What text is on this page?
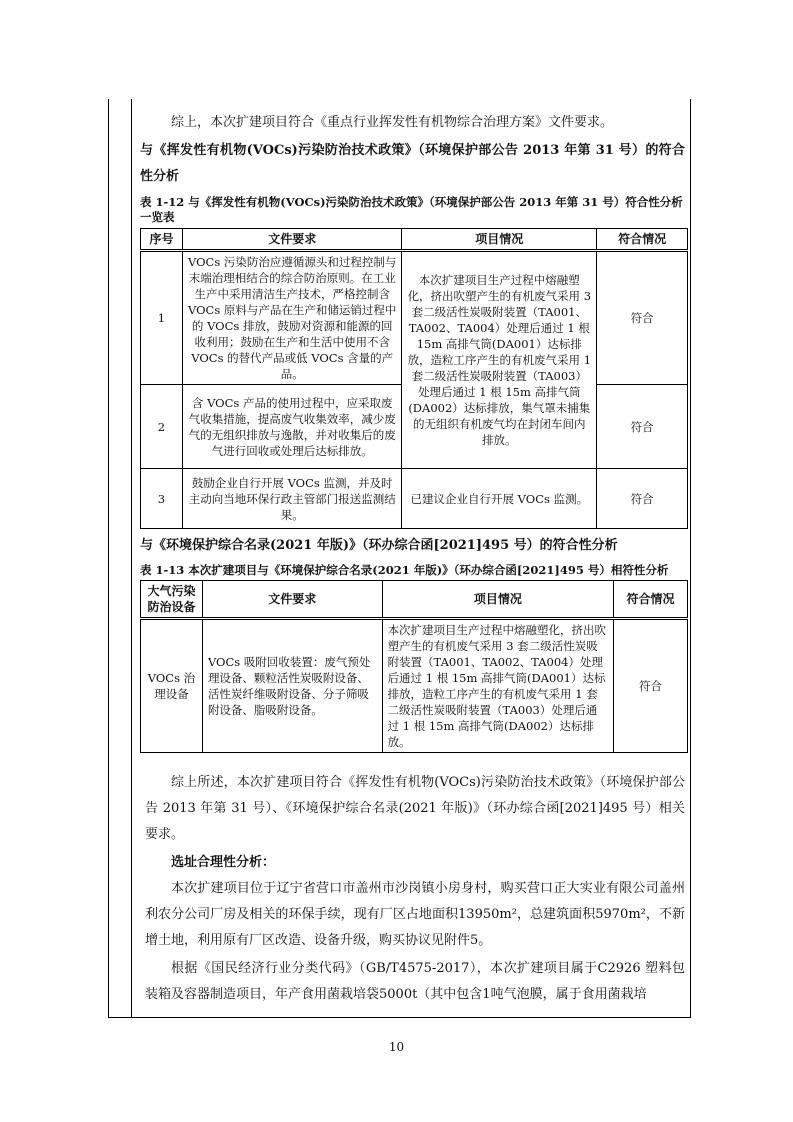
综上，本次扩建项目符合《重点行业挥发性有机物综合治理方案》文件要求。
与《挥发性有机物(VOCs)污染防治技术政策》（环境保护部公告 2013 年第 31 号）的符合性分析
表 1-12 与《挥发性有机物(VOCs)污染防治技术政策》（环境保护部公告 2013 年第 31 号）符合性分析一览表
序号	文件要求	项目情况	符合情况
1	VOCs 污染防治应遵循源头和过程控制与末端治理相结合的综合防治原则。在工业生产中采用清洁生产技术，严格控制含 VOCs 原料与产品在生产和储运销过程中的 VOCs 排放，鼓励对资源和能源的回收利用；鼓励在生产和生活中使用不含 VOCs 的替代产品或低 VOCs 含量的产品。	本次扩建项目生产过程中熔融塑化，挤出吹塑产生的有机废气采用 3 套二级活性炭吸附装置（TA001、TA002、TA004）处理后通过 1 根 15m 高排气筒(DA001）达标排放，造粒工序产生的有机废气采用 1 套二级活性炭吸附装置（TA003）处理后通过 1 根 15m 高排气筒(DA002）达标排放，集气罩未捕集的无组织有机废气均在封闭车间内排放。	符合
2	含 VOCs 产品的使用过程中，应采取废气收集措施，提高废气收集效率，减少废气的无组织排放与逸散，并对收集后的废气进行回收或处理后达标排放。		符合
3	鼓励企业自行开展 VOCs 监测，并及时主动向当地环保行政主管部门报送监测结果。	已建议企业自行开展 VOCs 监测。	符合
与《环境保护综合名录(2021 年版)》（环办综合函[2021]495 号）的符合性分析
表 1-13 本次扩建项目与《环境保护综合名录(2021 年版)》（环办综合函[2021]495 号）相符性分析
大气污染防治设备	文件要求	项目情况	符合情况
VOCs 治理设备	VOCs 吸附回收装置：废气预处理设备、颗粒活性炭吸附设备、活性炭纤维吸附设备、分子筛吸附设备、脂吸附设备。	本次扩建项目生产过程中熔融塑化，挤出吹塑产生的有机废气采用 3 套二级活性炭吸附装置（TA001、TA002、TA004）处理后通过 1 根 15m 高排气筒(DA001）达标排放，造粒工序产生的有机废气采用 1 套二级活性炭吸附装置（TA003）处理后通过 1 根 15m 高排气筒(DA002）达标排放。	符合
综上所述，本次扩建项目符合《挥发性有机物(VOCs)污染防治技术政策》（环境保护部公告 2013 年第 31 号）、《环境保护综合名录(2021 年版)》（环办综合函[2021]495 号）相关要求。
选址合理性分析：
本次扩建项目位于辽宁省营口市盖州市沙岗镇小房身村，购买营口正大实业有限公司盖州利农分公司厂房及相关的环保手续，现有厂区占地面积13950m²，总建筑面积5970m²，不新增土地，利用原有厂区改造、设备升级，购买协议见附件5。
根据《国民经济行业分类代码》（GB/T4575-2017），本次扩建项目属于C2926 塑料包装箱及容器制造项目，年产食用菌栽培袋5000t（其中包含1吨气泡膜，属于食用菌栽培
10
